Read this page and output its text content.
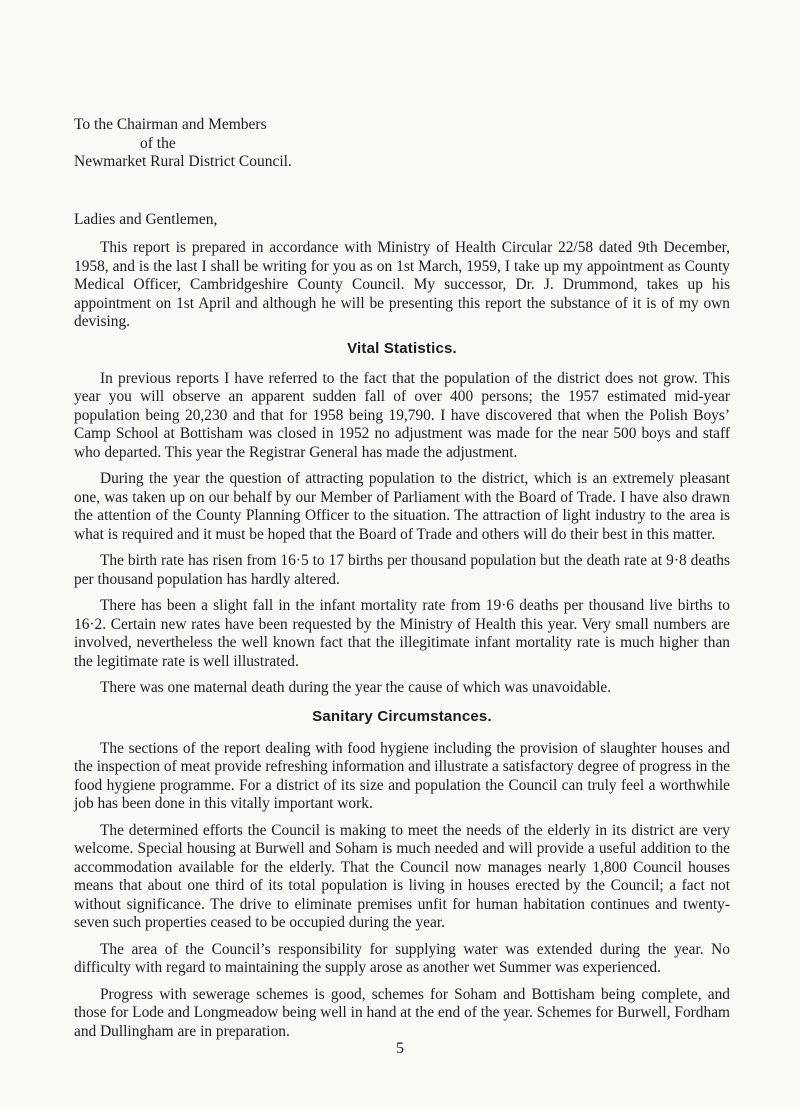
To the Chairman and Members
of the
Newmarket Rural District Council.
Ladies and Gentlemen,

This report is prepared in accordance with Ministry of Health Circular 22/58 dated 9th December, 1958, and is the last I shall be writing for you as on 1st March, 1959, I take up my appointment as County Medical Officer, Cambridgeshire County Council. My successor, Dr. J. Drummond, takes up his appointment on 1st April and although he will be presenting this report the substance of it is of my own devising.

Vital Statistics.

In previous reports I have referred to the fact that the population of the district does not grow. This year you will observe an apparent sudden fall of over 400 persons; the 1957 estimated mid-year population being 20,230 and that for 1958 being 19,790. I have discovered that when the Polish Boys’ Camp School at Bottisham was closed in 1952 no adjustment was made for the near 500 boys and staff who departed. This year the Registrar General has made the adjustment.

During the year the question of attracting population to the district, which is an extremely pleasant one, was taken up on our behalf by our Member of Parliament with the Board of Trade. I have also drawn the attention of the County Planning Officer to the situation. The attraction of light industry to the area is what is required and it must be hoped that the Board of Trade and others will do their best in this matter.

The birth rate has risen from 16·5 to 17 births per thousand population but the death rate at 9·8 deaths per thousand population has hardly altered.

There has been a slight fall in the infant mortality rate from 19·6 deaths per thousand live births to 16·2. Certain new rates have been requested by the Ministry of Health this year. Very small numbers are involved, nevertheless the well known fact that the illegitimate infant mortality rate is much higher than the legitimate rate is well illustrated.

There was one maternal death during the year the cause of which was unavoidable.

Sanitary Circumstances.

The sections of the report dealing with food hygiene including the provision of slaughter houses and the inspection of meat provide refreshing information and illustrate a satisfactory degree of progress in the food hygiene programme. For a district of its size and population the Council can truly feel a worthwhile job has been done in this vitally important work.

The determined efforts the Council is making to meet the needs of the elderly in its district are very welcome. Special housing at Burwell and Soham is much needed and will provide a useful addition to the accommodation available for the elderly. That the Council now manages nearly 1,800 Council houses means that about one third of its total population is living in houses erected by the Council; a fact not without significance. The drive to eliminate premises unfit for human habitation continues and twenty-seven such properties ceased to be occupied during the year.

The area of the Council’s responsibility for supplying water was extended during the year. No difficulty with regard to maintaining the supply arose as another wet Summer was experienced.

Progress with sewerage schemes is good, schemes for Soham and Bottisham being complete, and those for Lode and Longmeadow being well in hand at the end of the year. Schemes for Burwell, Fordham and Dullingham are in preparation.

5
